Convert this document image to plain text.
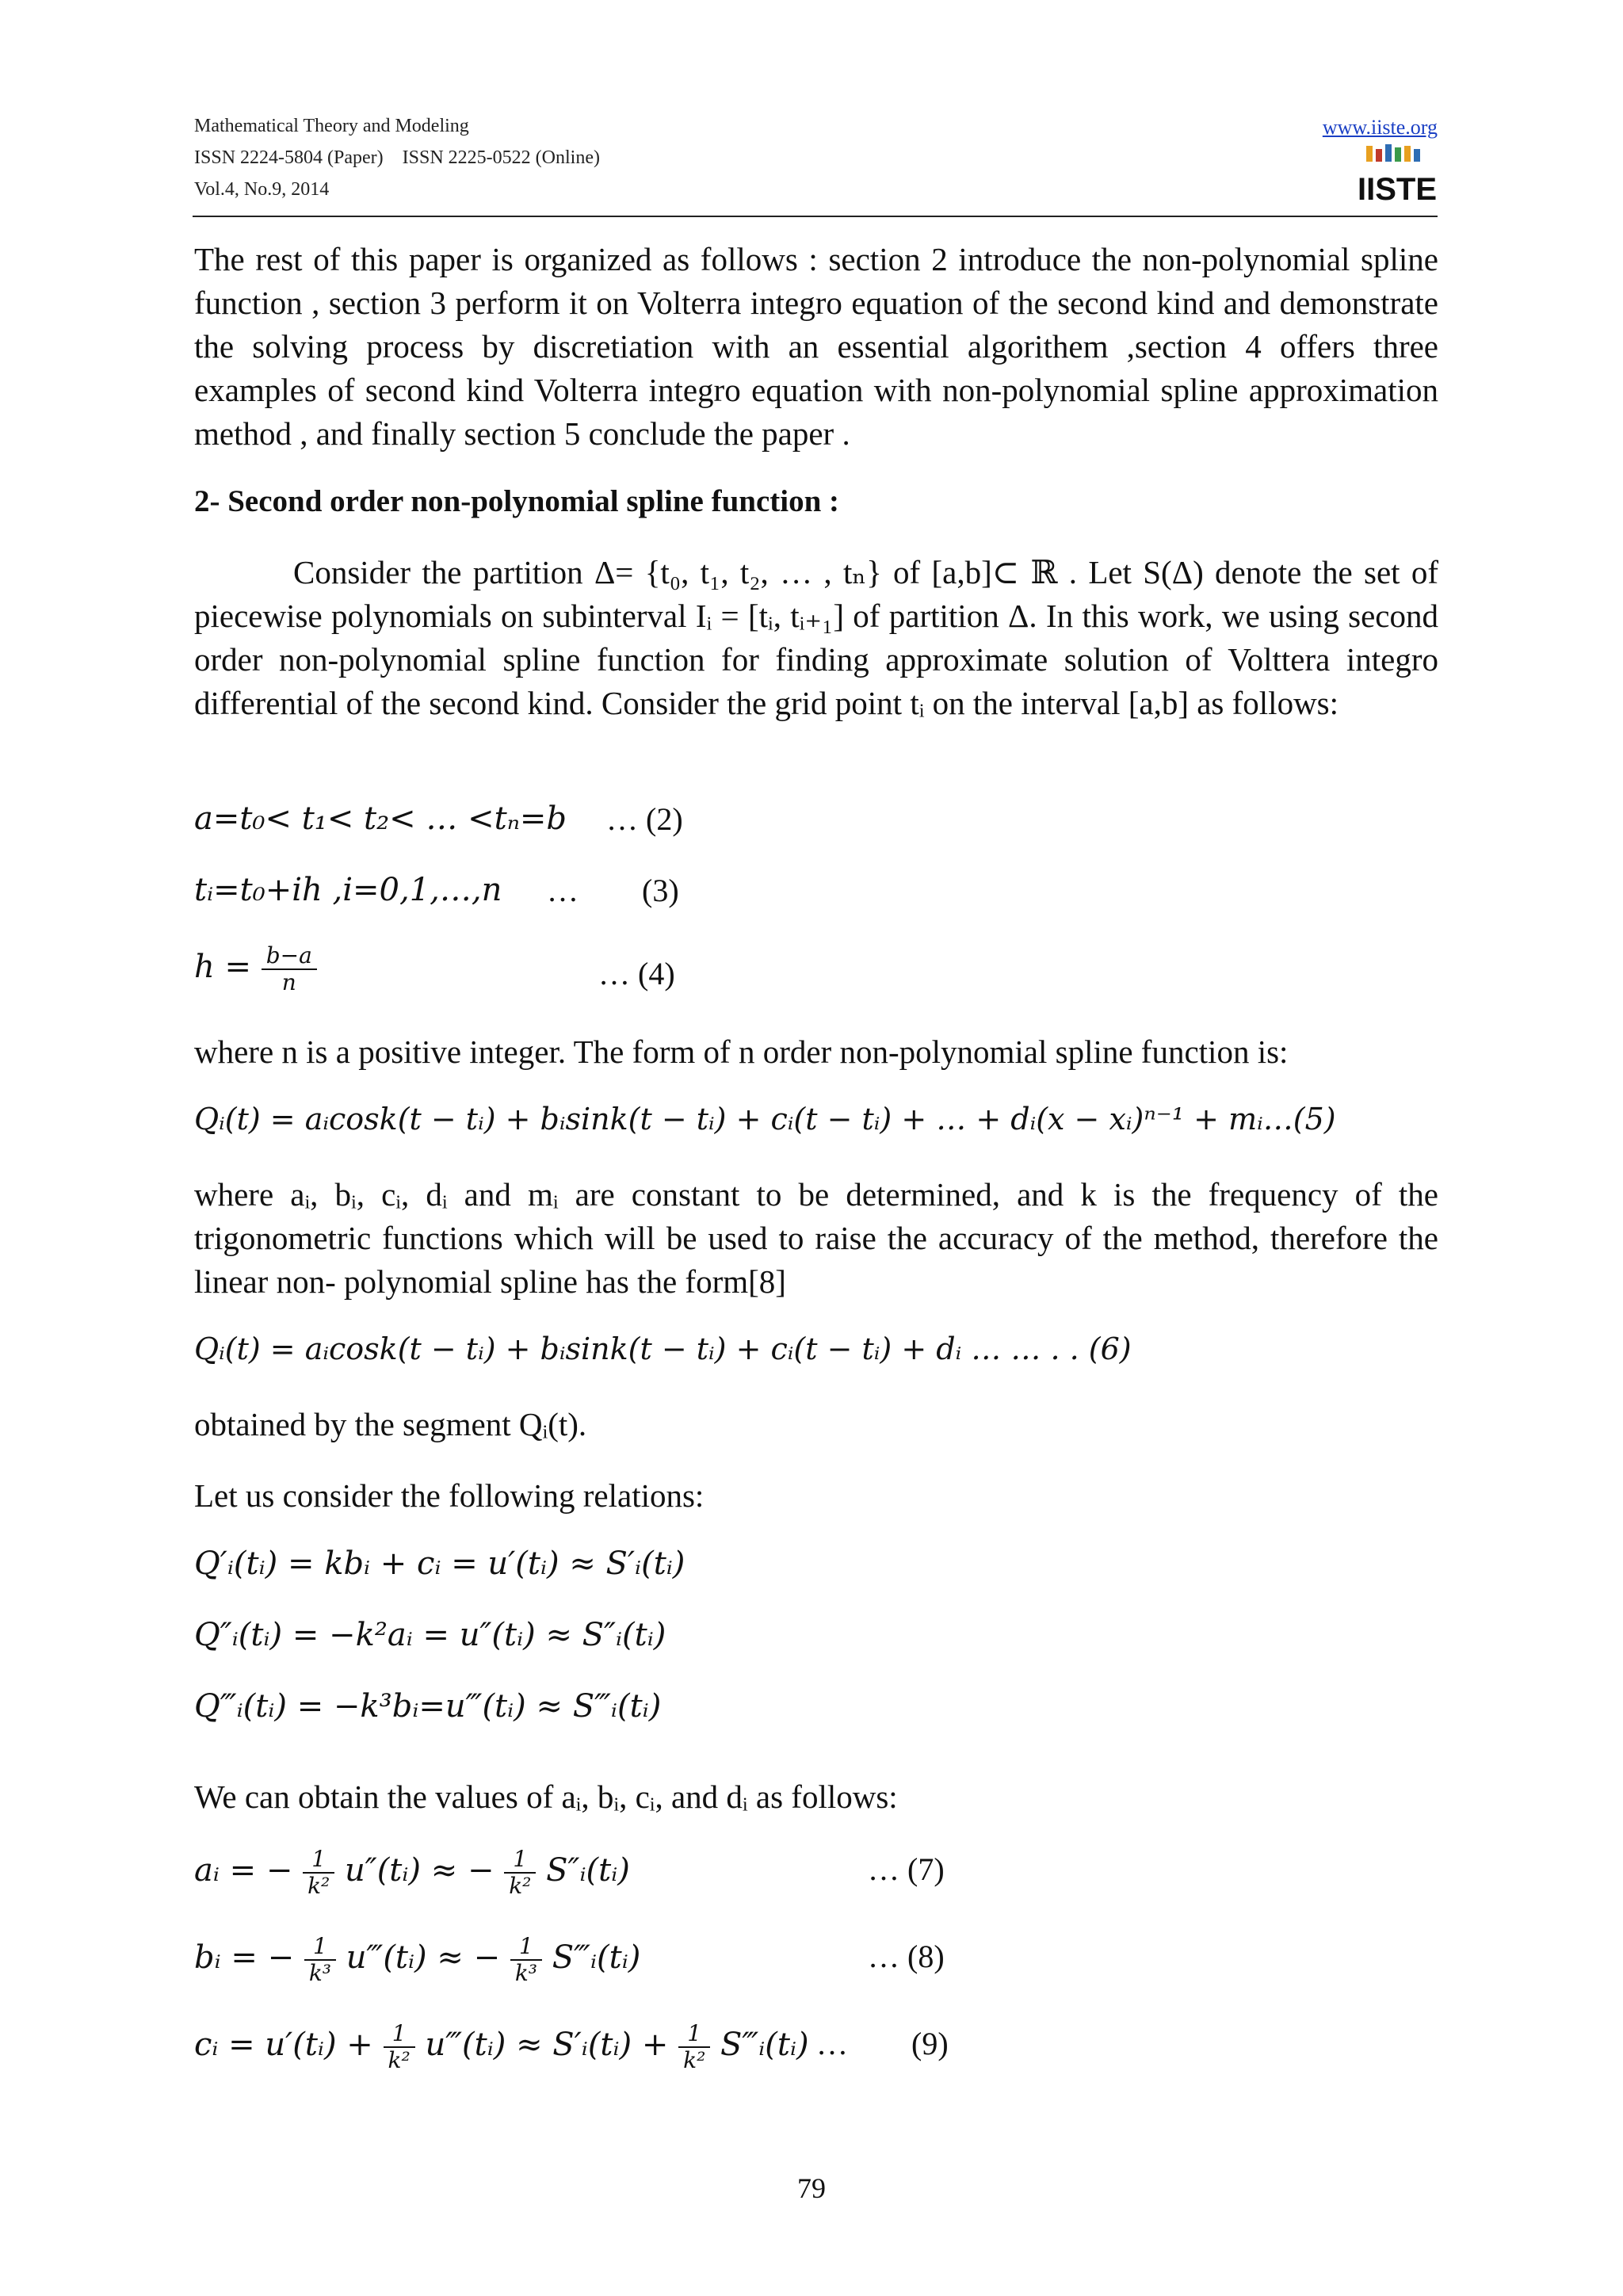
Mathematical Theory and Modeling
ISSN 2224-5804 (Paper)    ISSN 2225-0522 (Online)
Vol.4, No.9, 2014
www.iiste.org
IISTE
The rest of this paper is organized as follows : section 2 introduce the non-polynomial spline function , section 3 perform it on Volterra integro equation of the second kind and demonstrate the solving process by discretiation with an essential algorithem ,section 4 offers three examples of second kind Volterra integro equation with non-polynomial spline approximation method , and finally section 5 conclude the paper .
2- Second order non-polynomial spline function :
Consider the partition Δ= {t₀, t₁, t₂, … , tₙ} of [a,b]⊂ ℝ . Let S(Δ) denote the set of piecewise polynomials on subinterval Iᵢ = [tᵢ, tᵢ₊₁] of partition Δ. In this work, we using second order non-polynomial spline function for finding approximate solution of Volttera integro differential of the second kind. Consider the grid point tᵢ on the interval [a,b] as follows:
a=t₀< t₁< t₂< … <tₙ=b … (2)
tᵢ=t₀+ih ,i=0,1,…,n …        (3)
$h = \frac{b-a}{n}$	… (4)
where n is a positive integer. The form of n order non-polynomial spline function is:
Qᵢ(t) = aᵢcosk(t − tᵢ) + bᵢsink(t − tᵢ) + cᵢ(t − tᵢ) + … + dᵢ(x − xᵢ)ⁿ⁻¹ + mᵢ…(5)
where aᵢ, bᵢ, cᵢ, dᵢ and mᵢ are constant to be determined, and k is the frequency of the trigonometric functions which will be used to raise the accuracy of the method, therefore the linear non- polynomial spline has the form[8]
Qᵢ(t) = aᵢcosk(t − tᵢ) + bᵢsink(t − tᵢ) + cᵢ(t − tᵢ) + dᵢ … … . . (6)
obtained by the segment Qᵢ(t).
Let us consider the following relations:
Q′ᵢ(tᵢ) = kbᵢ + cᵢ = u′(tᵢ) ≈ S′ᵢ(tᵢ)
Q″ᵢ(tᵢ) = −k²aᵢ = u″(tᵢ) ≈ S″ᵢ(tᵢ)
Q‴ᵢ(tᵢ) = −k³bᵢ=u‴(tᵢ) ≈ S‴ᵢ(tᵢ)
We can obtain the values of aᵢ, bᵢ, cᵢ, and dᵢ as follows:
aᵢ = − $\frac{1}{\text{k²}}$ u″(tᵢ) ≈ − $\frac{1}{\text{k²}}$ S″ᵢ(tᵢ)	… (7)
bᵢ = − $\frac{1}{\text{k³}}$ u‴(tᵢ) ≈ − $\frac{1}{\text{k³}}$ S‴ᵢ(tᵢ)	… (8)
cᵢ = u′(tᵢ) + $\frac{1}{\text{k²}}$ u‴(tᵢ) ≈ S′ᵢ(tᵢ) + $\frac{1}{\text{k²}}$ S‴ᵢ(tᵢ) …        (9)
79
